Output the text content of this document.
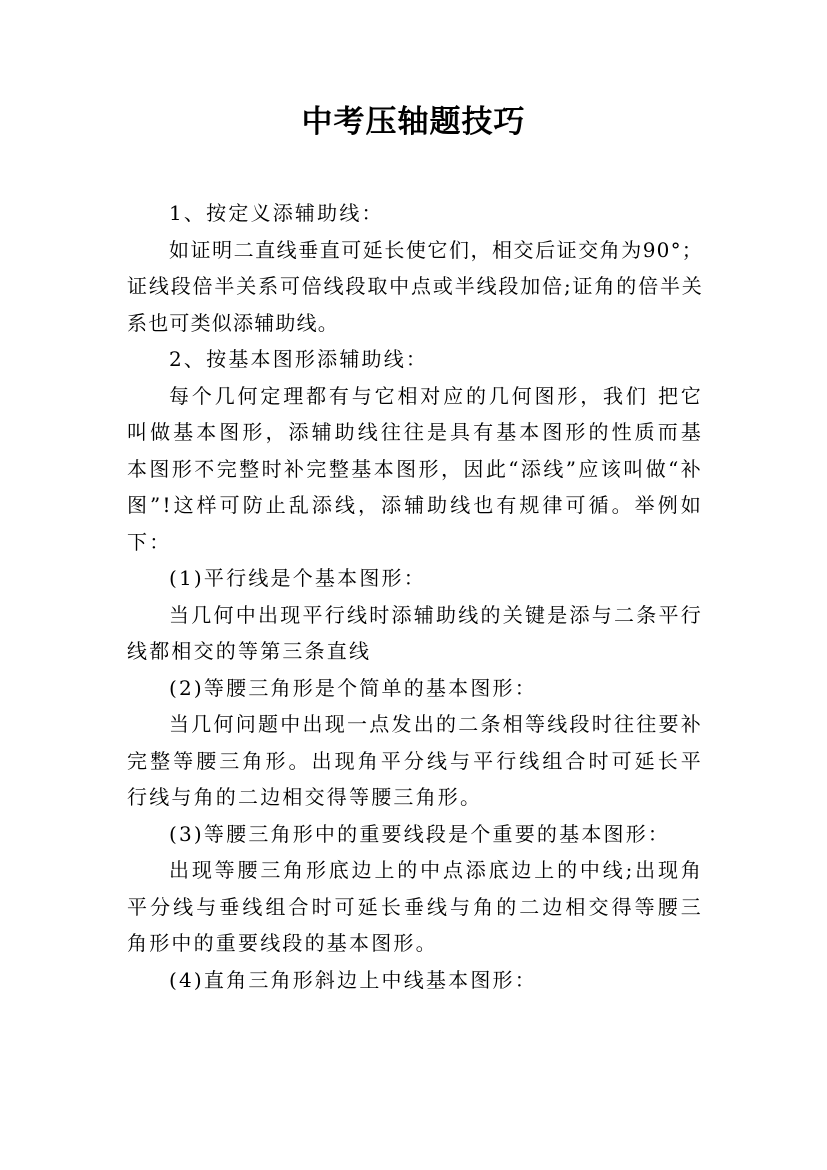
中考压轴题技巧

1、按定义添辅助线：

如证明二直线垂直可延长使它们，相交后证交角为90°；证线段倍半关系可倍线段取中点或半线段加倍;证角的倍半关系也可类似添辅助线。

2、按基本图形添辅助线：

每个几何定理都有与它相对应的几何图形，我们 把它叫做基本图形，添辅助线往往是具有基本图形的性质而基本图形不完整时补完整基本图形，因此“添线”应该叫做“补图”!这样可防止乱添线，添辅助线也有规律可循。举例如下：

(1)平行线是个基本图形：

当几何中出现平行线时添辅助线的关键是添与二条平行线都相交的等第三条直线

(2)等腰三角形是个简单的基本图形：

当几何问题中出现一点发出的二条相等线段时往往要补完整等腰三角形。出现角平分线与平行线组合时可延长平行线与角的二边相交得等腰三角形。

(3)等腰三角形中的重要线段是个重要的基本图形：

出现等腰三角形底边上的中点添底边上的中线;出现角平分线与垂线组合时可延长垂线与角的二边相交得等腰三角形中的重要线段的基本图形。

(4)直角三角形斜边上中线基本图形：
